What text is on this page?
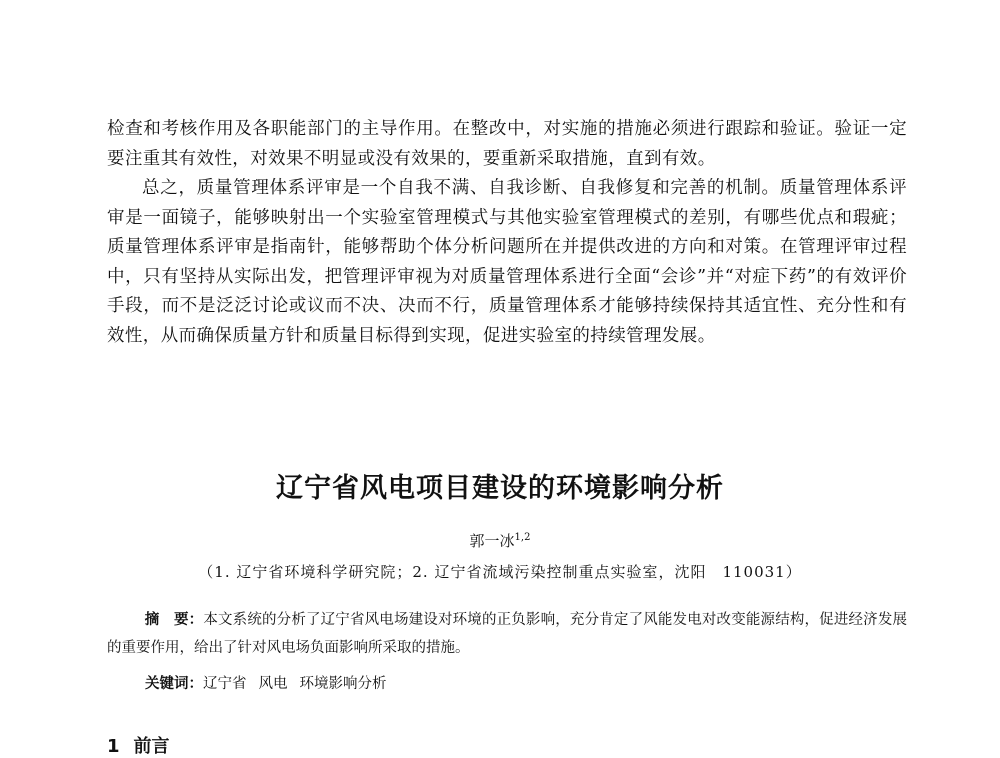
检查和考核作用及各职能部门的主导作用。在整改中，对实施的措施必须进行跟踪和验证。验证一定要注重其有效性，对效果不明显或没有效果的，要重新采取措施，直到有效。

总之，质量管理体系评审是一个自我不满、自我诊断、自我修复和完善的机制。质量管理体系评审是一面镜子，能够映射出一个实验室管理模式与其他实验室管理模式的差别，有哪些优点和瑕疵；质量管理体系评审是指南针，能够帮助个体分析问题所在并提供改进的方向和对策。在管理评审过程中，只有坚持从实际出发，把管理评审视为对质量管理体系进行全面“会诊”并“对症下药”的有效评价手段，而不是泛泛讨论或议而不决、决而不行，质量管理体系才能够持续保持其适宜性、充分性和有效性，从而确保质量方针和质量目标得到实现，促进实验室的持续管理发展。

辽宁省风电项目建设的环境影响分析
郭一冰$^{1,2}$
（1. 辽宁省环境科学研究院；2. 辽宁省流域污染控制重点实验室，沈阳　110031）

摘　要：本文系统的分析了辽宁省风电场建设对环境的正负影响，充分肯定了风能发电对改变能源结构，促进经济发展的重要作用，给出了针对风电场负面影响所采取的措施。

关键词：辽宁省 风电 环境影响分析
1 前言
